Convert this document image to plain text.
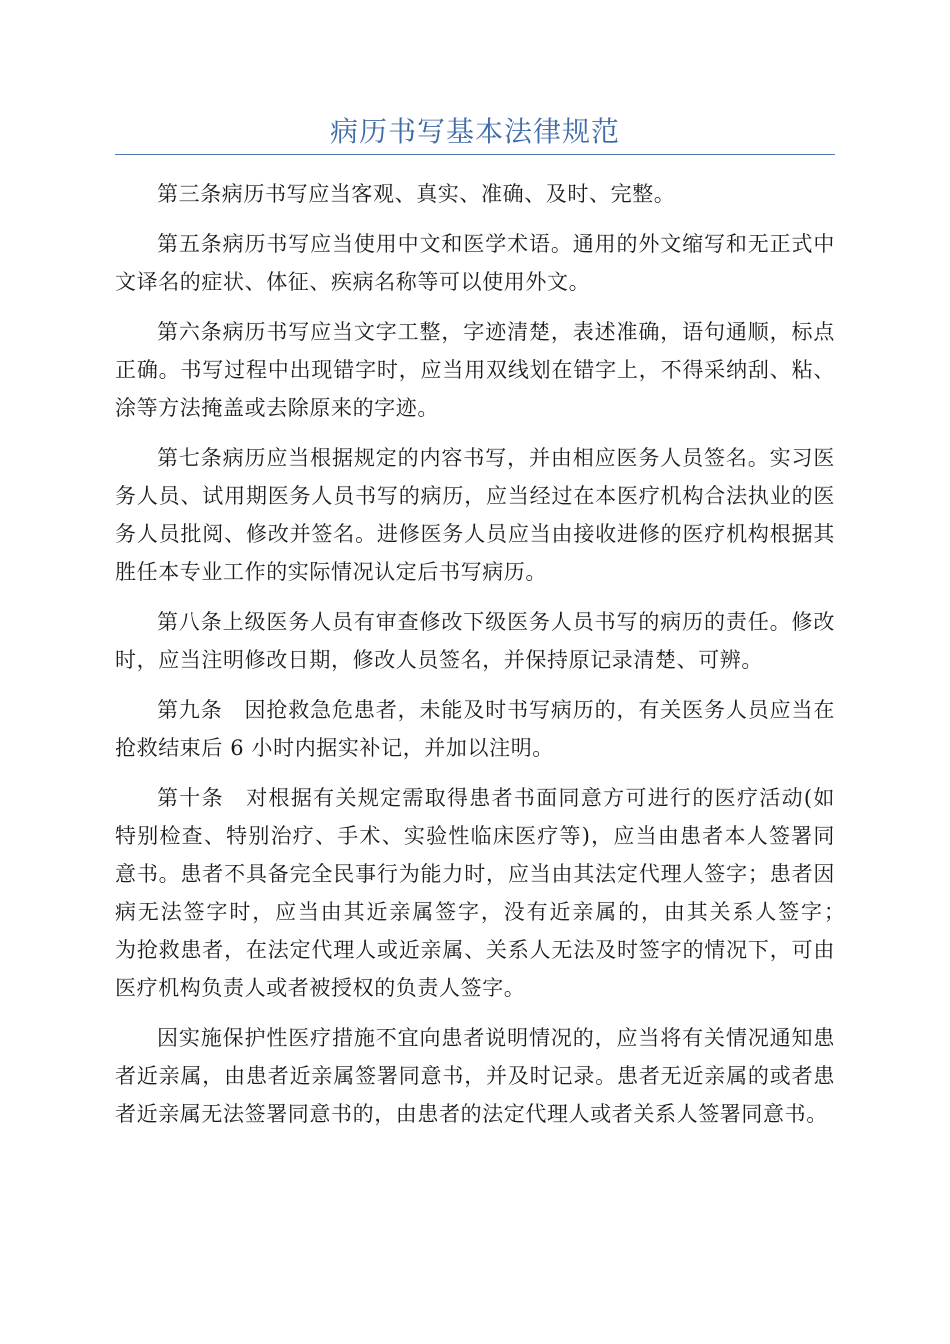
病历书写基本法律规范

第三条病历书写应当客观、真实、准确、及时、完整。

第五条病历书写应当使用中文和医学术语。通用的外文缩写和无正式中文译名的症状、体征、疾病名称等可以使用外文。

第六条病历书写应当文字工整，字迹清楚，表述准确，语句通顺，标点正确。书写过程中出现错字时，应当用双线划在错字上，不得采纳刮、粘、涂等方法掩盖或去除原来的字迹。

第七条病历应当根据规定的内容书写，并由相应医务人员签名。实习医务人员、试用期医务人员书写的病历，应当经过在本医疗机构合法执业的医务人员批阅、修改并签名。进修医务人员应当由接收进修的医疗机构根据其胜任本专业工作的实际情况认定后书写病历。

第八条上级医务人员有审查修改下级医务人员书写的病历的责任。修改时，应当注明修改日期，修改人员签名，并保持原记录清楚、可辨。

第九条　因抢救急危患者，未能及时书写病历的，有关医务人员应当在抢救结束后 6 小时内据实补记，并加以注明。

第十条　对根据有关规定需取得患者书面同意方可进行的医疗活动(如特别检查、特别治疗、手术、实验性临床医疗等)，应当由患者本人签署同意书。患者不具备完全民事行为能力时，应当由其法定代理人签字；患者因病无法签字时，应当由其近亲属签字，没有近亲属的，由其关系人签字；　为抢救患者，在法定代理人或近亲属、关系人无法及时签字的情况下，可由医疗机构负责人或者被授权的负责人签字。

因实施保护性医疗措施不宜向患者说明情况的，应当将有关情况通知患者近亲属，由患者近亲属签署同意书，并及时记录。患者无近亲属的或者患者近亲属无法签署同意书的，由患者的法定代理人或者关系人签署同意书。
